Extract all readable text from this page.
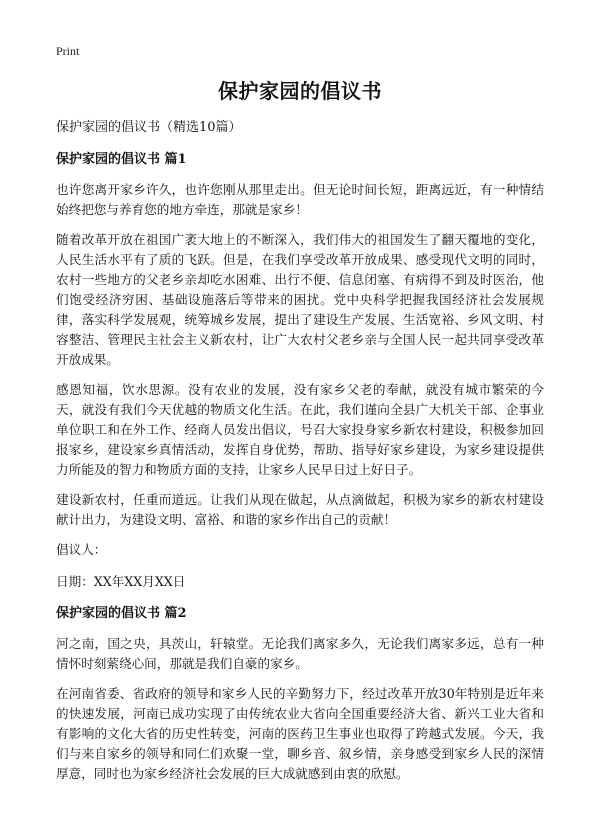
Print
保护家园的倡议书
保护家园的倡议书（精选10篇）
保护家园的倡议书 篇1

也许您离开家乡许久，也许您刚从那里走出。但无论时间长短，距离远近，有一种情结始终把您与养育您的地方牵连，那就是家乡！

随着改革开放在祖国广袤大地上的不断深入，我们伟大的祖国发生了翻天覆地的变化，人民生活水平有了质的飞跃。但是，在我们享受改革开放成果、感受现代文明的同时，农村一些地方的父老乡亲却吃水困难、出行不便、信息闭塞、有病得不到及时医治，他们饱受经济穷困、基础设施落后等带来的困扰。党中央科学把握我国经济社会发展规律，落实科学发展观，统筹城乡发展，提出了建设生产发展、生活宽裕、乡风文明、村容整洁、管理民主社会主义新农村，让广大农村父老乡亲与全国人民一起共同享受改革开放成果。

感恩知福，饮水思源。没有农业的发展，没有家乡父老的奉献，就没有城市繁荣的今天，就没有我们今天优越的物质文化生活。在此，我们谨向全县广大机关干部、企事业单位职工和在外工作、经商人员发出倡议，号召大家投身家乡新农村建设，积极参加回报家乡，建设家乡真情活动，发挥自身优势，帮助、指导好家乡建设，为家乡建设提供力所能及的智力和物质方面的支持，让家乡人民早日过上好日子。

建设新农村，任重而道远。让我们从现在做起，从点滴做起，积极为家乡的新农村建设献计出力，为建设文明、富裕、和谐的家乡作出自己的贡献！

倡议人：

日期：XX年XX月XX日

保护家园的倡议书 篇2

河之南，国之央，具茨山，轩辕堂。无论我们离家多久，无论我们离家多远，总有一种情怀时刻萦绕心间，那就是我们自豪的家乡。

在河南省委、省政府的领导和家乡人民的辛勤努力下，经过改革开放30年特别是近年来的快速发展，河南已成功实现了由传统农业大省向全国重要经济大省、新兴工业大省和有影响的文化大省的历史性转变，河南的医药卫生事业也取得了跨越式发展。今天，我们与来自家乡的领导和同仁们欢聚一堂，聊乡音、叙乡情，亲身感受到家乡人民的深情厚意，同时也为家乡经济社会发展的巨大成就感到由衷的欣慰。
